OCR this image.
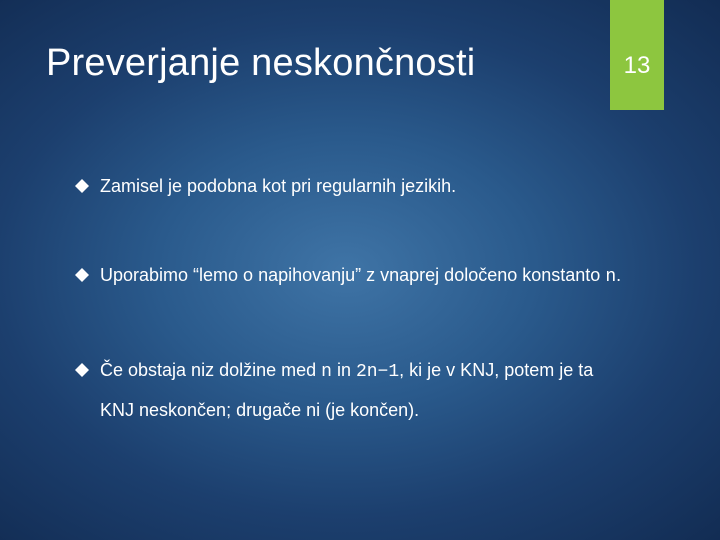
Preverjanje neskončnosti	13
Zamisel je podobna kot pri regularnih jezikih.
Uporabimo “lemo o napihovanju” z vnaprej določeno konstanto n.
Če obstaja niz dolžine med n in 2n−1, ki je v KNJ, potem je ta
KNJ neskončen; drugače ni (je končen).
